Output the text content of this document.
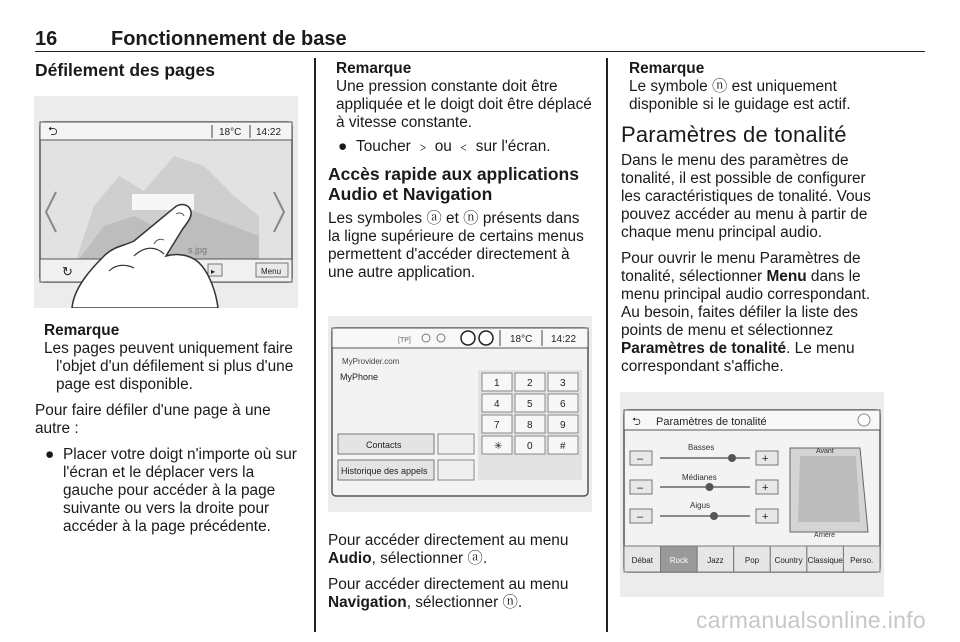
16	Fonctionnement de base
Défilement des pages
⮌	18°C 14:22
s.jpg
↻	▸	Menu
Remarque
Les pages peuvent uniquement faire l'objet d'un défilement si plus d'une page est disponible.

Pour faire défiler d'une page à une autre :

● Placer votre doigt n'importe où sur l'écran et le déplacer vers la gauche pour accéder à la page suivante ou vers la droite pour accéder à la page précédente.
Remarque
Une pression constante doit être appliquée et le doigt doit être déplacé à vitesse constante.
● Toucher ﹥ ou ﹤ sur l'écran.
Accès rapide aux applications Audio et Navigation

Les symboles ⓐ et ⓝ présents dans la ligne supérieure de certains menus permettent d'accéder directement à une autre application.

[TP]	18°C 14:22
MyProvider.com
MyPhone
1	2	3
4	5	6
7	8	9
✳ 0	#
Contacts
Historique des appels

Pour accéder directement au menu Audio, sélectionner ⓐ.

Pour accéder directement au menu Navigation, sélectionner ⓝ.

Remarque
Le symbole ⓝ est uniquement disponible si le guidage est actif.
Paramètres de tonalité

Dans le menu des paramètres de tonalité, il est possible de configurer les caractéristiques de tonalité. Vous pouvez accéder au menu à partir de chaque menu principal audio.

Pour ouvrir le menu Paramètres de tonalité, sélectionner Menu dans le menu principal audio correspondant. Au besoin, faites défiler la liste des points de menu et sélectionnez Paramètres de tonalité. Le menu correspondant s'affiche.

⮌ Paramètres de tonalité
Basses
Médianes
Aigus
–	+
–	+
–	+
Avant
Arrière
Débat Rock Jazz	Pop Country Classique Perso.
carmanualsonline.info
